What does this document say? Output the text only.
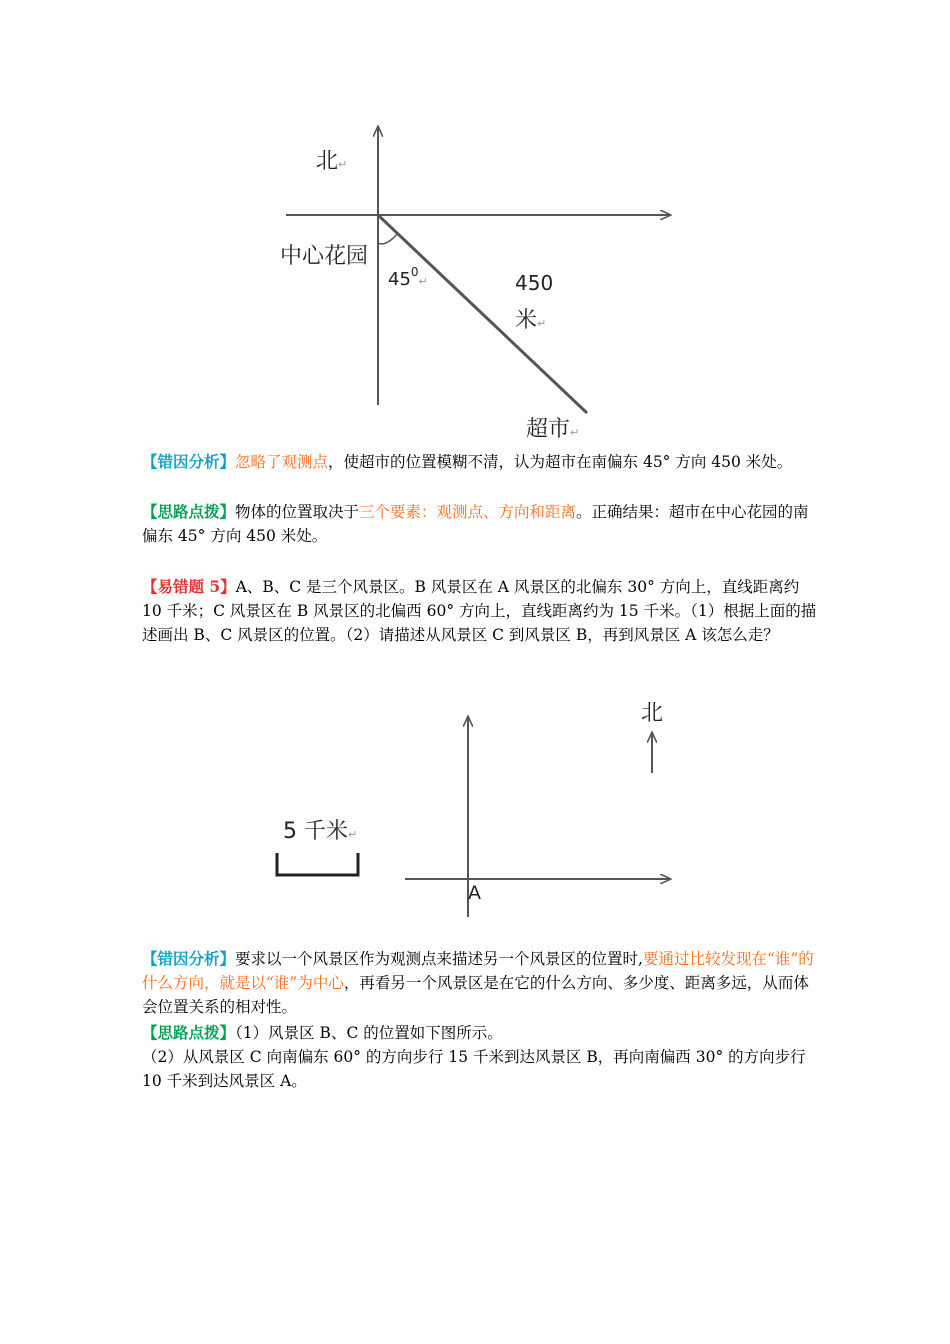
北↵
中心花园
$45^0_↵$	450
米↵
超市↵

【错因分析】忽略了观测点，使超市的位置模糊不清，认为超市在南偏东 45° 方向 450 米处。

【思路点拨】物体的位置取决于三个要素：观测点、方向和距离。正确结果：超市在中心花园的南偏东 45° 方向 450 米处。

【易错题 5】A、B、C 是三个风景区。B 风景区在 A 风景区的北偏东 30° 方向上，直线距离约 10 千米；C 风景区在 B 风景区的北偏西 60° 方向上，直线距离约为 15 千米。（1）根据上面的描述画出 B、C 风景区的位置。（2）请描述从风景区 C 到风景区 B，再到风景区 A 该怎么走？

北
5 千米↵
A

【错因分析】要求以一个风景区作为观测点来描述另一个风景区的位置时,要通过比较发现在“谁”的什么方向，就是以“谁”为中心，再看另一个风景区是在它的什么方向、多少度、距离多远，从而体会位置关系的相对性。

【思路点拨】（1）风景区 B、C 的位置如下图所示。
（2）从风景区 C 向南偏东 60° 的方向步行 15 千米到达风景区 B，再向南偏西 30° 的方向步行 10 千米到达风景区 A。
